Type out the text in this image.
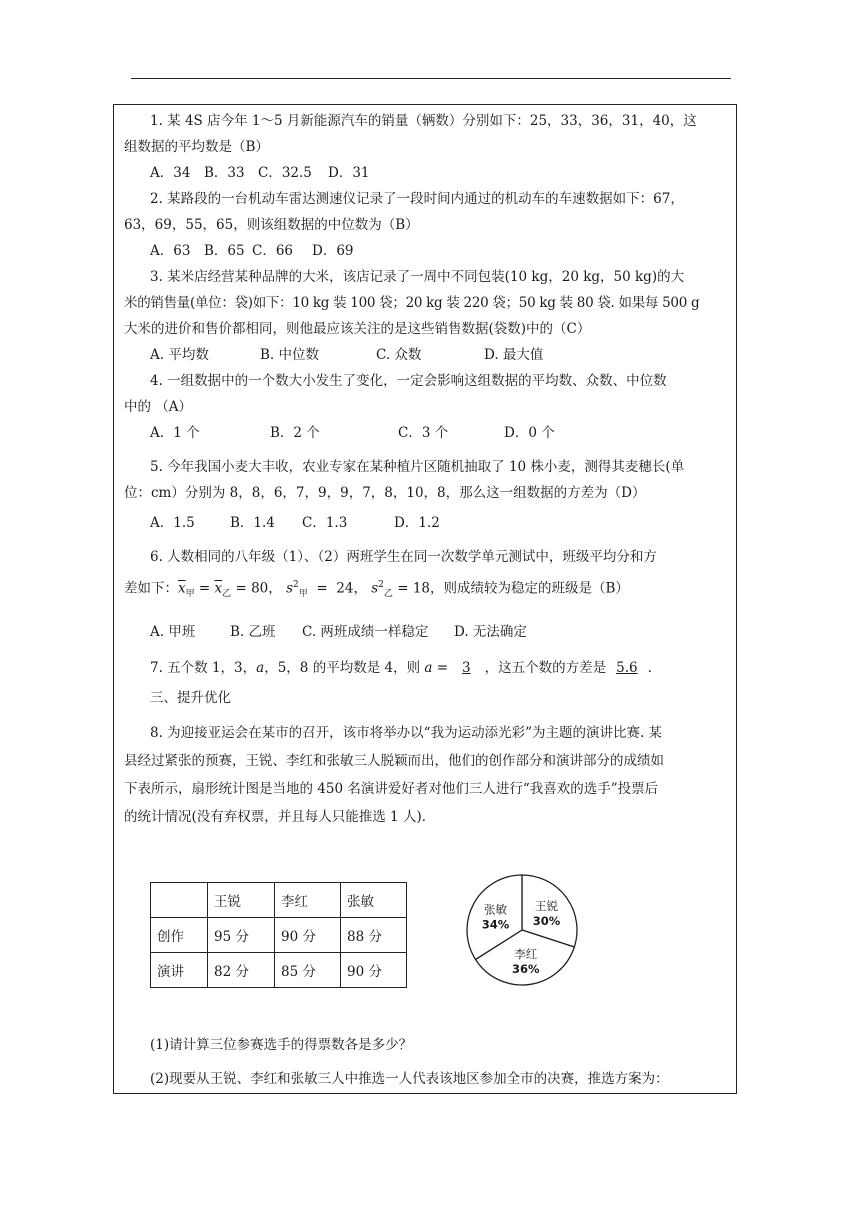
1. 某 4S 店今年 1～5 月新能源汽车的销量（辆数）分别如下：25，33，36，31，40，这

组数据的平均数是（B）

A．34	B．33 C．32.5	D．31

2. 某路段的一台机动车雷达测速仪记录了一段时间内通过的机动车的车速数据如下：67，

63，69，55，65，则该组数据的中位数为（B）

A．63	B．65 C．66	D．69

3. 某米店经营某种品牌的大米，该店记录了一周中不同包装(10 kg，20 kg，50 kg)的大

米的销售量(单位：袋)如下：10 kg 装 100 袋；20 kg 装 220 袋；50 kg 装 80 袋. 如果每 500 g

大米的进价和售价都相同，则他最应该关注的是这些销售数据(袋数)中的（C）

A. 平均数	B. 中位数	C. 众数	D. 最大值

4. 一组数据中的一个数大小发生了变化，一定会影响这组数据的平均数、众数、中位数

中的 （A）

A．1 个	B．2 个	C．3 个	D．0 个

5. 今年我国小麦大丰收，农业专家在某种植片区随机抽取了 10 株小麦，测得其麦穗长(单

位：cm）分别为 8，8，6，7，9，9，7，8，10，8，那么这一组数据的方差为（D）

A．1.5	B．1.4	C．1.3	D．1.2

6. 人数相同的八年级（1）、（2）两班学生在同一次数学单元测试中，班级平均分和方

差如下：$\overline{x}_甲 = \overline{x}_乙 = 80$， $s^2_甲 = 24$， $s^2_乙 = 18$，则成绩较为稳定的班级是（B）

A. 甲班	B. 乙班	C. 两班成绩一样稳定	D. 无法确定

7. 五个数 1，3，a，5，8 的平均数是 4，则 a = 3 ，这五个数的方差是 5.6 .

三、提升优化

8. 为迎接亚运会在某市的召开，该市将举办以“我为运动添光彩”为主题的演讲比赛. 某

县经过紧张的预赛，王锐、李红和张敏三人脱颖而出，他们的创作部分和演讲部分的成绩如

下表所示，扇形统计图是当地的 450 名演讲爱好者对他们三人进行“我喜欢的选手”投票后

的统计情况(没有弃权票，并且每人只能推选 1 人)．

	王锐	李红	张敏
创作	95 分	90 分	88 分
演讲	82 分	85 分	90 分
王锐
30%
李红
36%
张敏
34%

(1)请计算三位参赛选手的得票数各是多少？

(2)现要从王锐、李红和张敏三人中推选一人代表该地区参加全市的决赛，推选方案为：
